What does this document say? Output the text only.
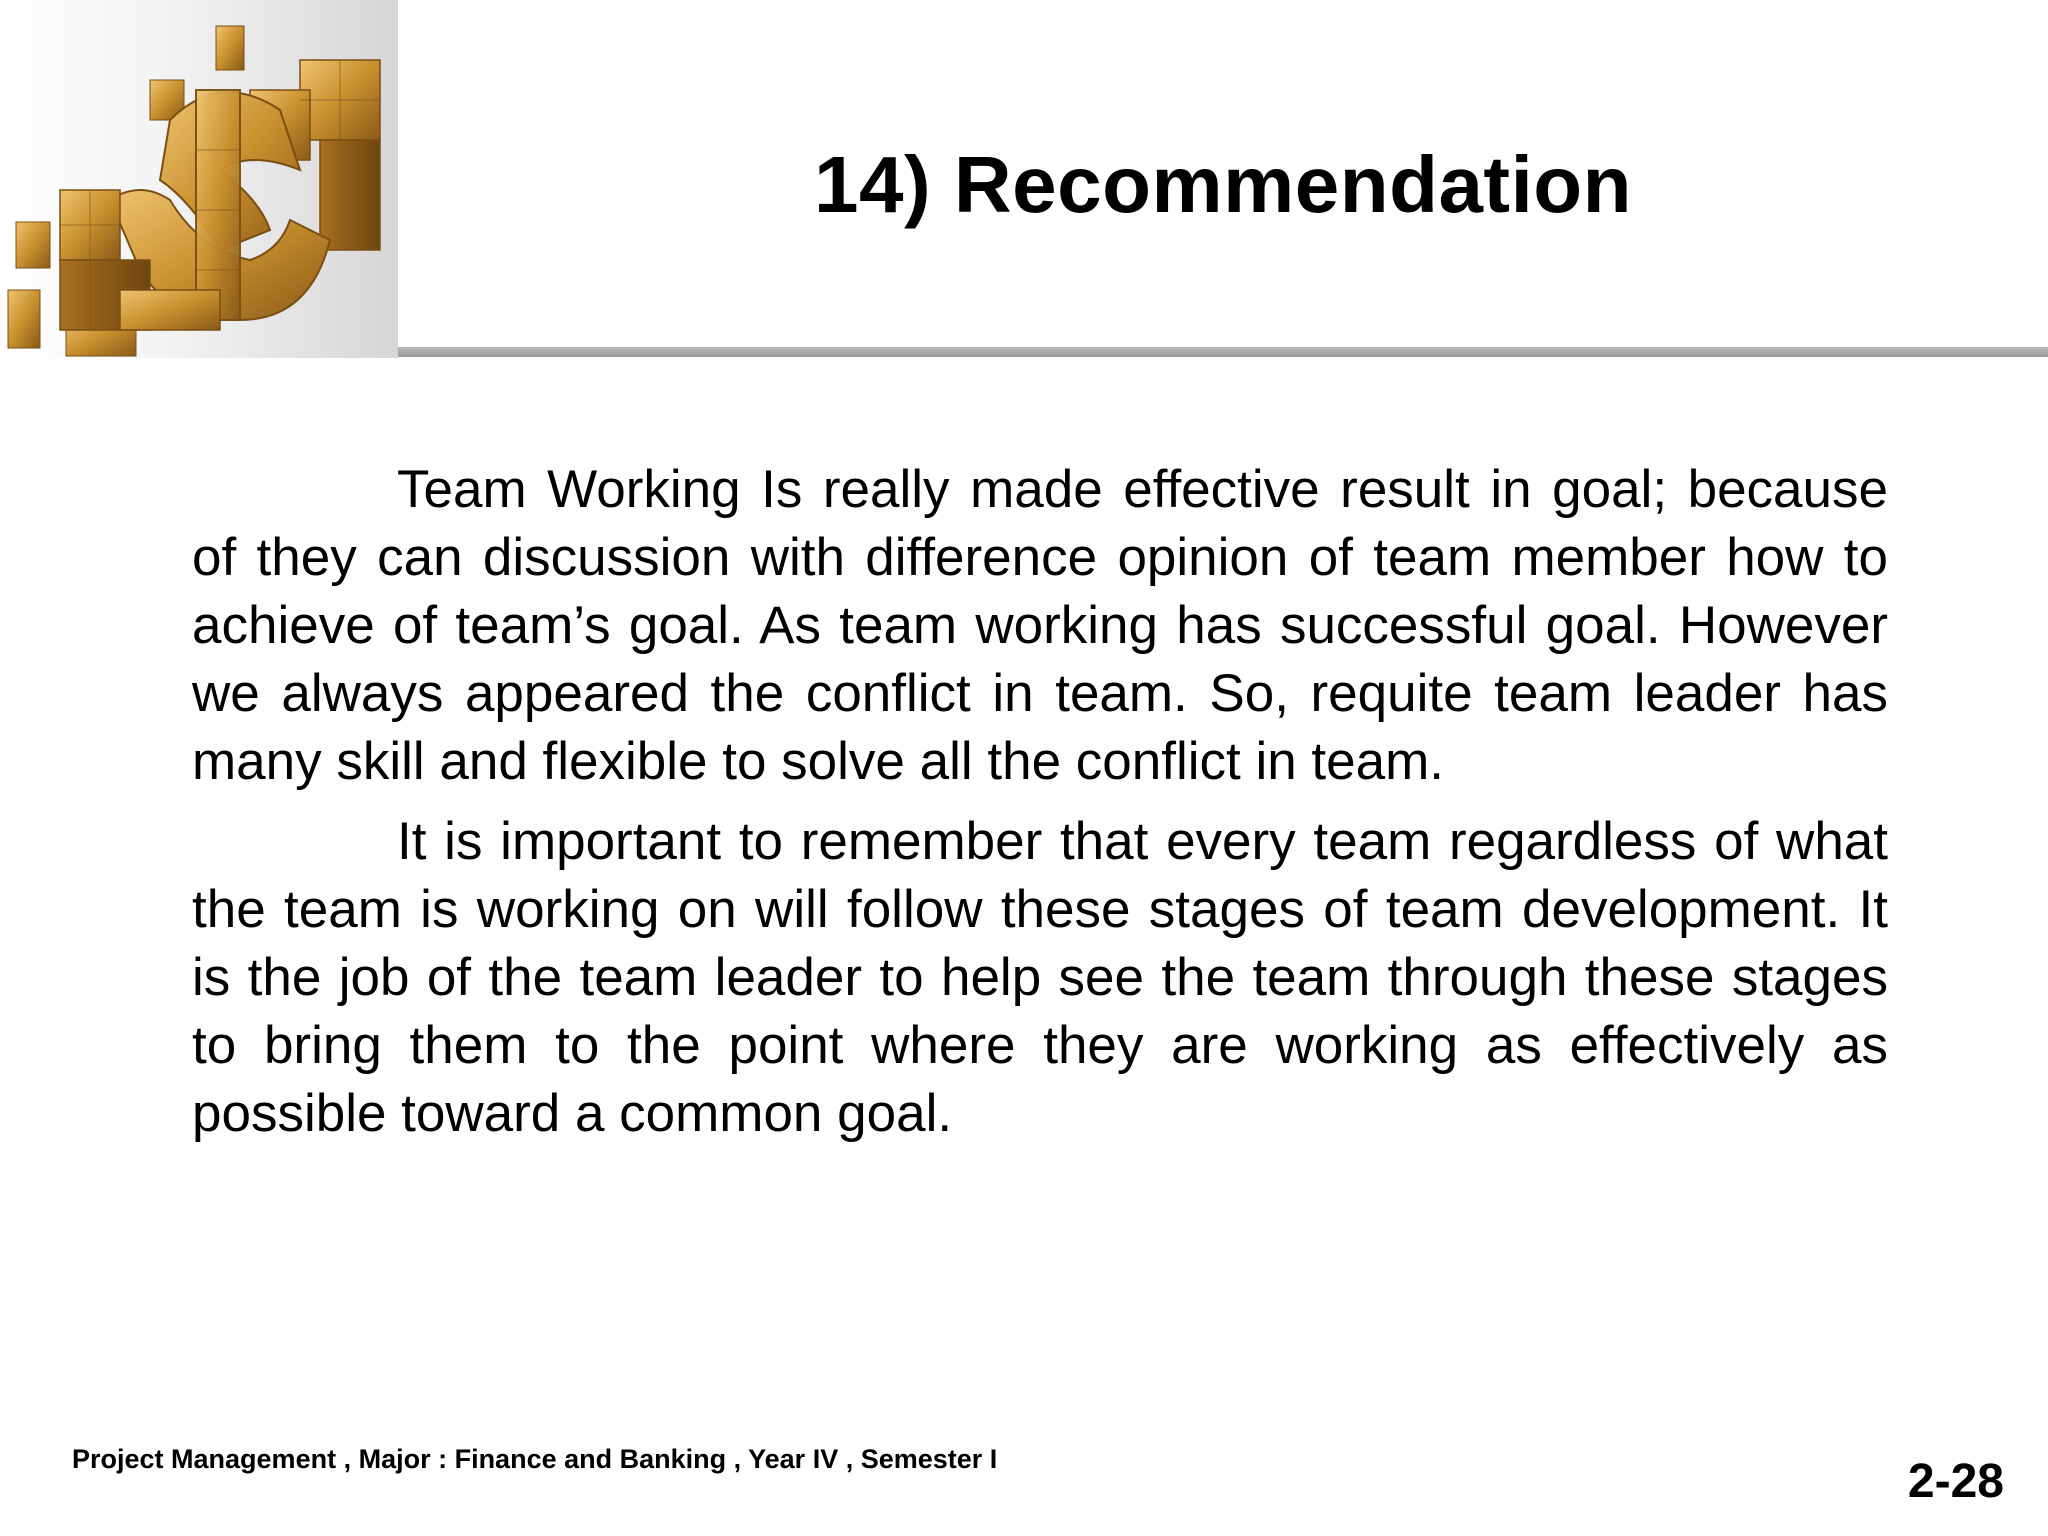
14) Recommendation

Team Working Is really made effective result in goal; because of they can discussion with difference opinion of team member how to achieve of team’s goal. As team working has successful goal. However we always appeared the conflict in team. So, requite team leader has many skill and flexible to solve all the conflict in team.

It is important to remember that every team regardless of what the team is working on will follow these stages of team development. It is the job of the team leader to help see the team through these stages to bring them to the point where they are working as effectively as possible toward a common goal.

Project Management , Major : Finance and Banking , Year IV , Semester I	2-28
